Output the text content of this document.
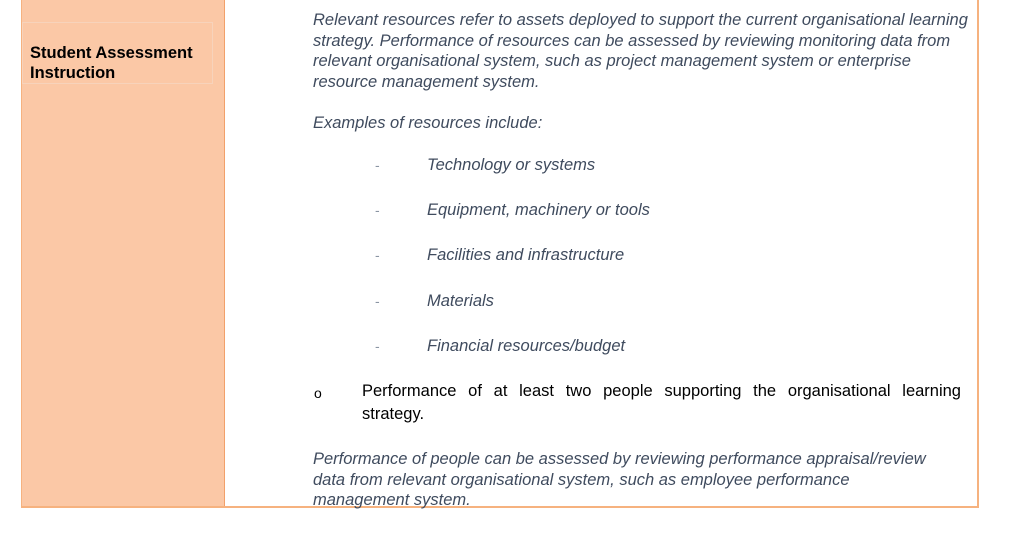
Student Assessment Instruction

Relevant resources refer to assets deployed to support the current organisational learning strategy. Performance of resources can be assessed by reviewing monitoring data from relevant organisational system, such as project management system or enterprise resource management system.

Examples of resources include:

-	Technology or systems
-	Equipment, machinery or tools
-	Facilities and infrastructure
-	Materials
-	Financial resources/budget
o Performance of at least two people supporting the organisational learning strategy.

Performance of people can be assessed by reviewing performance appraisal/review data from relevant organisational system, such as employee performance management system.
